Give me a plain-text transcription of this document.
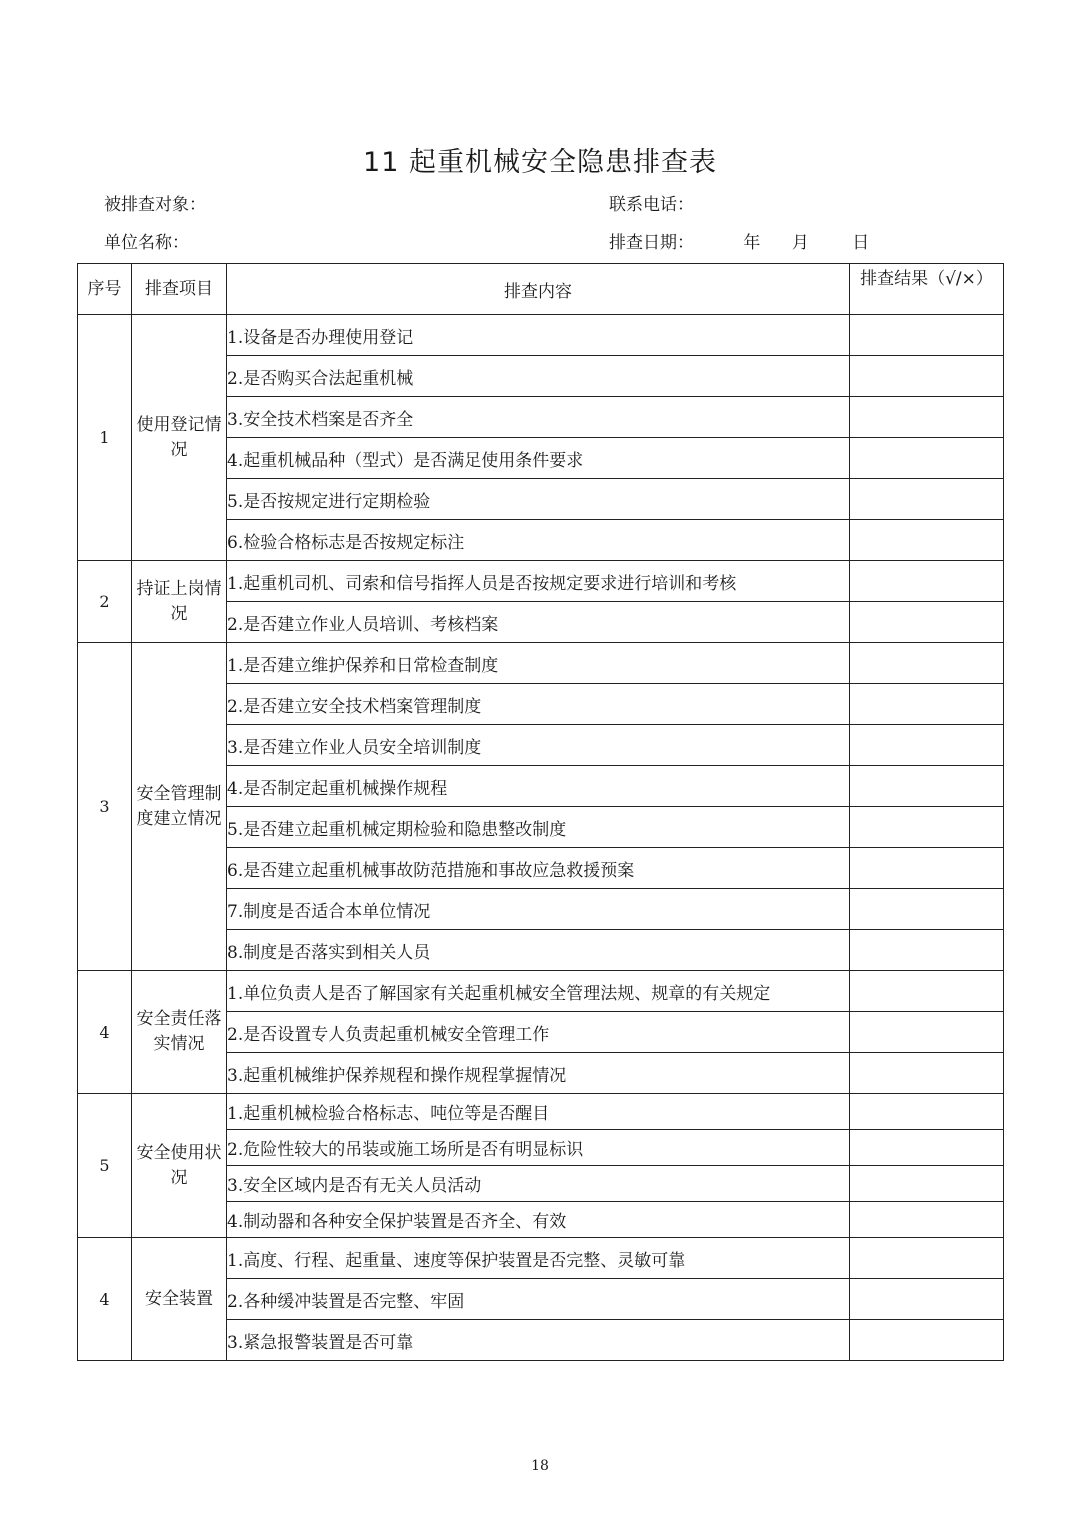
11 起重机械安全隐患排查表
被排查对象：	联系电话：
单位名称：	排查日期：	年 月	日
序号	排查项目	排查内容	排查结果（√/×）
1	使用登记情况	1.设备是否办理使用登记	
		2.是否购买合法起重机械	
		3.安全技术档案是否齐全	
		4.起重机械品种（型式）是否满足使用条件要求	
		5.是否按规定进行定期检验	
		6.检验合格标志是否按规定标注	
2	持证上岗情况	1.起重机司机、司索和信号指挥人员是否按规定要求进行培训和考核	
		2.是否建立作业人员培训、考核档案	
3	安全管理制度建立情况	1.是否建立维护保养和日常检查制度	
		2.是否建立安全技术档案管理制度	
		3.是否建立作业人员安全培训制度	
		4.是否制定起重机械操作规程	
		5.是否建立起重机械定期检验和隐患整改制度	
		6.是否建立起重机械事故防范措施和事故应急救援预案	
		7.制度是否适合本单位情况	
		8.制度是否落实到相关人员	
4	安全责任落实情况	1.单位负责人是否了解国家有关起重机械安全管理法规、规章的有关规定	
		2.是否设置专人负责起重机械安全管理工作	
		3.起重机械维护保养规程和操作规程掌握情况	
5	安全使用状况	1.起重机械检验合格标志、吨位等是否醒目	
		2.危险性较大的吊装或施工场所是否有明显标识	
		3.安全区域内是否有无关人员活动	
		4.制动器和各种安全保护装置是否齐全、有效	
4	安全装置	1.高度、行程、起重量、速度等保护装置是否完整、灵敏可靠	
		2.各种缓冲装置是否完整、牢固	
		3.紧急报警装置是否可靠	
18
